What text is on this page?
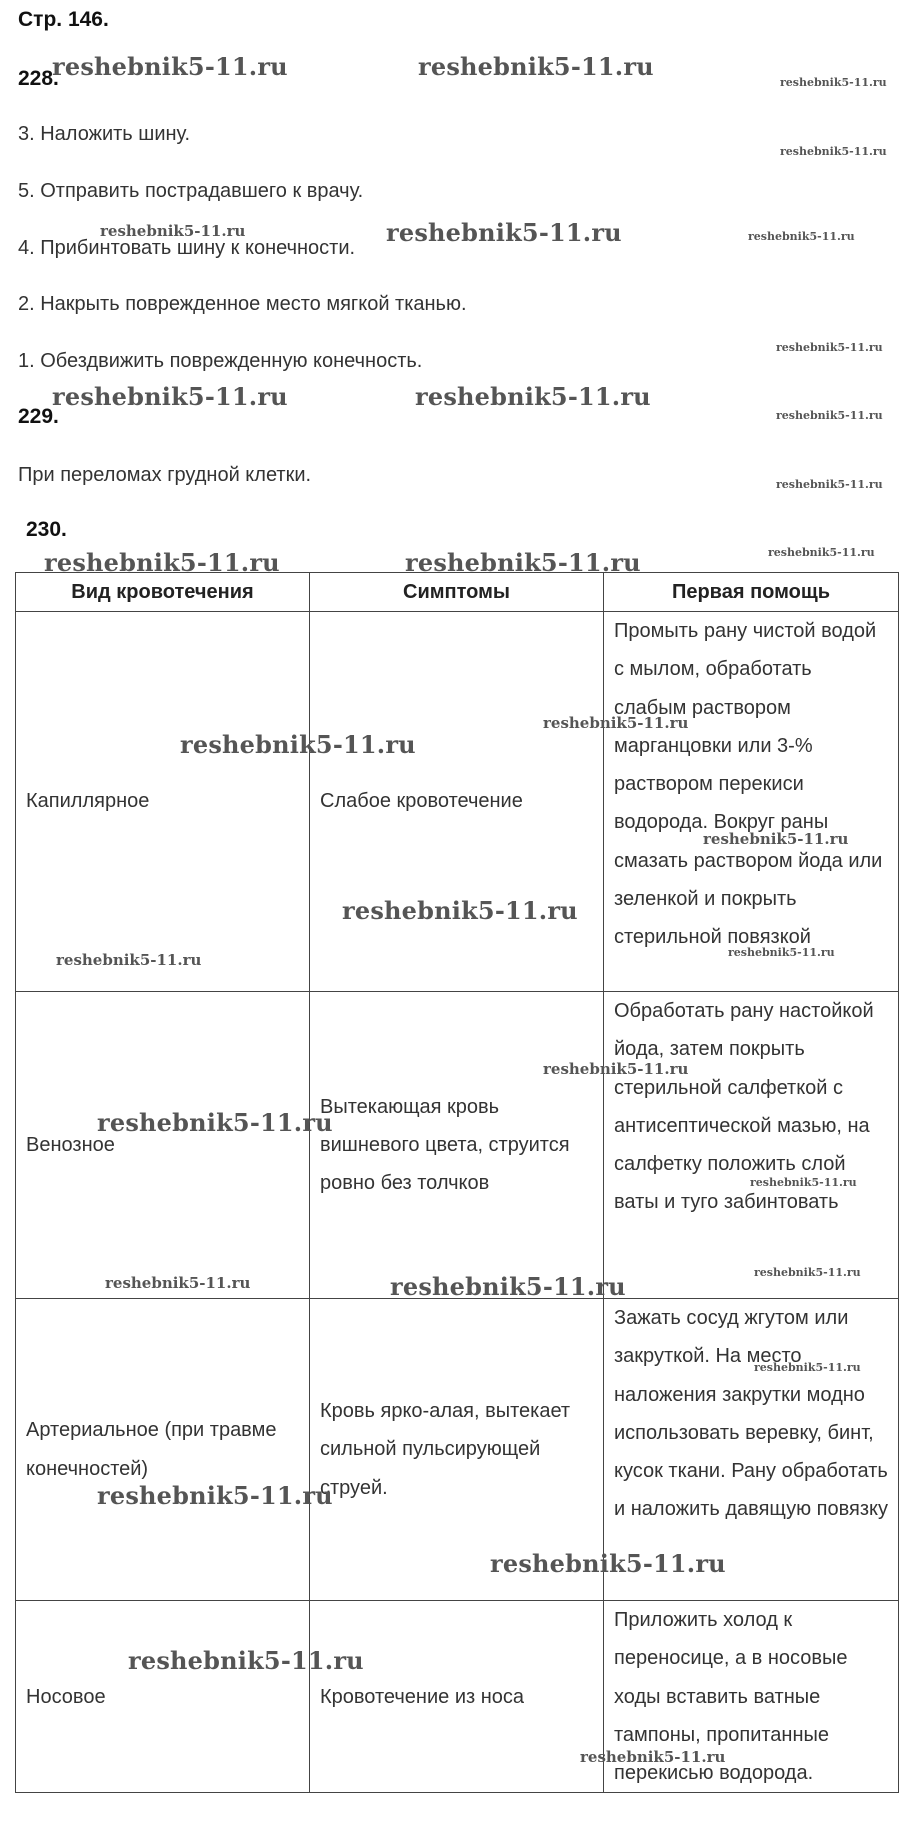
Стр. 146.
228.
3. Наложить шину.
5. Отправить пострадавшего к врачу.
4. Прибинтовать шину к конечности.
2. Накрыть поврежденное место мягкой тканью.
1. Обездвижить поврежденную конечность.
229.
При переломах грудной клетки.
230.
Вид кровотечения	Симптомы	Первая помощь
Капиллярное	Слабое кровотечение	Промыть рану чистой водой с мылом, обработать слабым раствором марганцовки или 3-% раствором перекиси водорода. Вокруг раны смазать раствором йода или зеленкой и покрыть стерильной повязкой
Венозное	Вытекающая кровь вишневого цвета, струится ровно без толчков	Обработать рану настойкой йода, затем покрыть стерильной салфеткой с антисептической мазью, на салфетку положить слой ваты и туго забинтовать
Артериальное (при травме конечностей)	Кровь ярко-алая, вытекает сильной пульсирующей струей.	Зажать сосуд жгутом или закруткой. На место наложения закрутки модно использовать веревку, бинт, кусок ткани. Рану обработать и наложить давящую повязку
Носовое	Кровотечение из носа	Приложить холод к переносице, а в носовые ходы вставить ватные тампоны, пропитанные перекисью водорода.
reshebnik5-11.ru	reshebnik5-11.ru
reshebnik5-11.ru
reshebnik5-11.ru
reshebnik5-11.ru	reshebnik5-11.ru	reshebnik5-11.ru
reshebnik5-11.ru
reshebnik5-11.ru	reshebnik5-11.ru
reshebnik5-11.ru
reshebnik5-11.ru
reshebnik5-11.ru
reshebnik5-11.ru	reshebnik5-11.ru
reshebnik5-11.ru
reshebnik5-11.ru
reshebnik5-11.ru
reshebnik5-11.ru
reshebnik5-11.ru
reshebnik5-11.ru
reshebnik5-11.ru
reshebnik5-11.ru
reshebnik5-11.ru
reshebnik5-11.ru
reshebnik5-11.ru	reshebnik5-11.ru
reshebnik5-11.ru
reshebnik5-11.ru
reshebnik5-11.ru
reshebnik5-11.ru
reshebnik5-11.ru
